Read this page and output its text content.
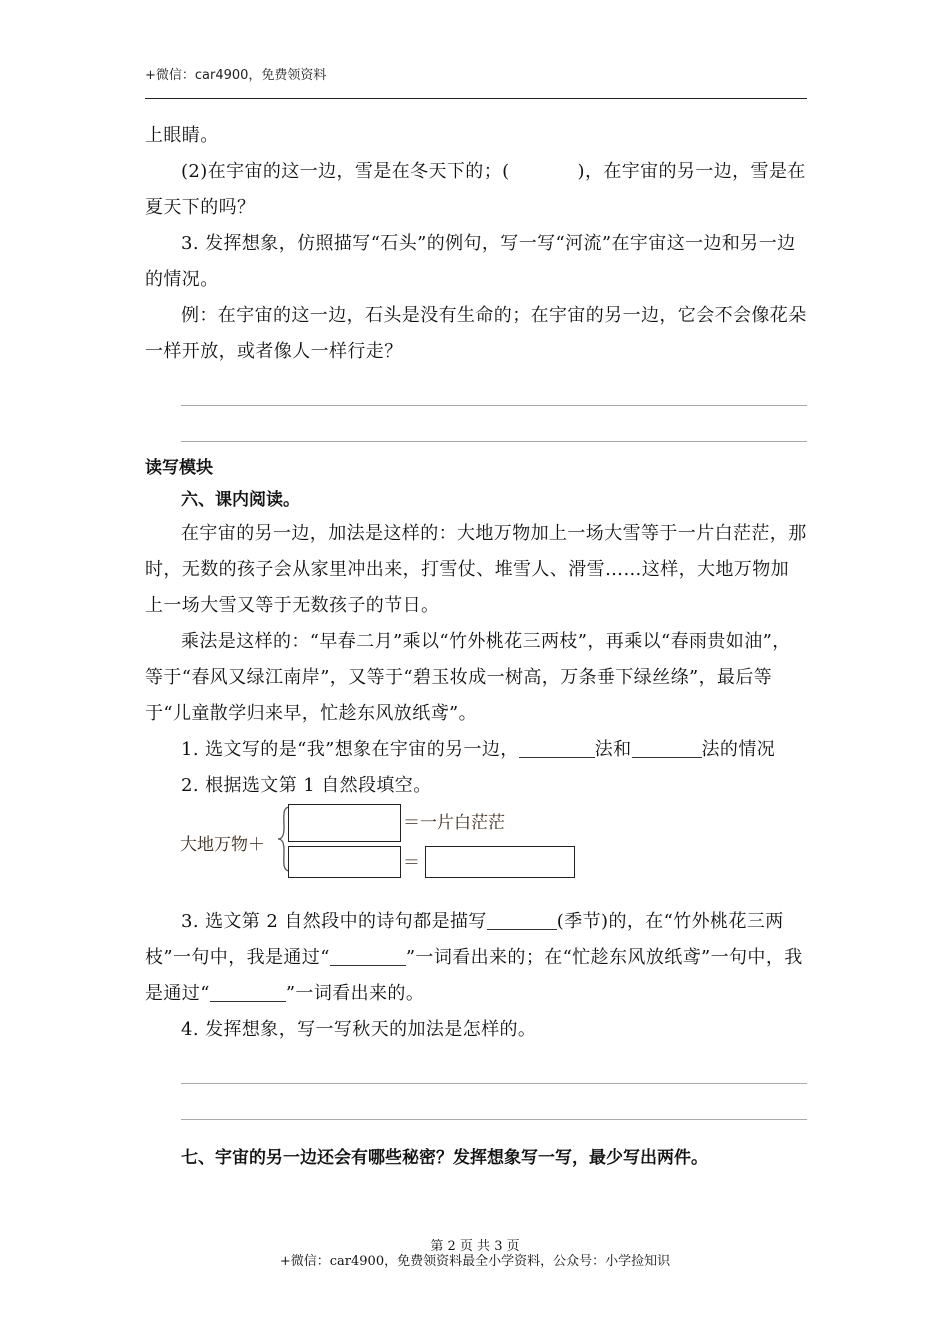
+微信：car4900，免费领资料

上眼睛。

(2)在宇宙的这一边，雪是在冬天下的；(	)，在宇宙的另一边，雪是在夏天下的吗？

3. 发挥想象，仿照描写“石头”的例句，写一写“河流”在宇宙这一边和另一边的情况。

例：在宇宙的这一边，石头是没有生命的；在宇宙的另一边，它会不会像花朵一样开放，或者像人一样行走？

读写模块

六、课内阅读。

在宇宙的另一边，加法是这样的：大地万物加上一场大雪等于一片白茫茫，那时，无数的孩子会从家里冲出来，打雪仗、堆雪人、滑雪……这样，大地万物加上一场大雪又等于无数孩子的节日。

乘法是这样的：“早春二月”乘以“竹外桃花三两枝”，再乘以“春雨贵如油”，等于“春风又绿江南岸”，又等于“碧玉妆成一树高，万条垂下绿丝绦”，最后等于“儿童散学归来早，忙趁东风放纸鸢”。

1. 选文写的是“我”想象在宇宙的另一边，	法和	法的情况

2. 根据选文第 1 自然段填空。

大地万物＋
＝一片白茫茫
＝

3. 选文第 2 自然段中的诗句都是描写	(季节)的，在“竹外桃花三两枝”一句中，我是通过“	”一词看出来的；在“忙趁东风放纸鸢”一句中，我是通过“	”一词看出来的。

4. 发挥想象，写一写秋天的加法是怎样的。

七、宇宙的另一边还会有哪些秘密？发挥想象写一写，最少写出两件。

第 2 页 共 3 页
+微信：car4900，免费领资料最全小学资料，公众号：小学捡知识
